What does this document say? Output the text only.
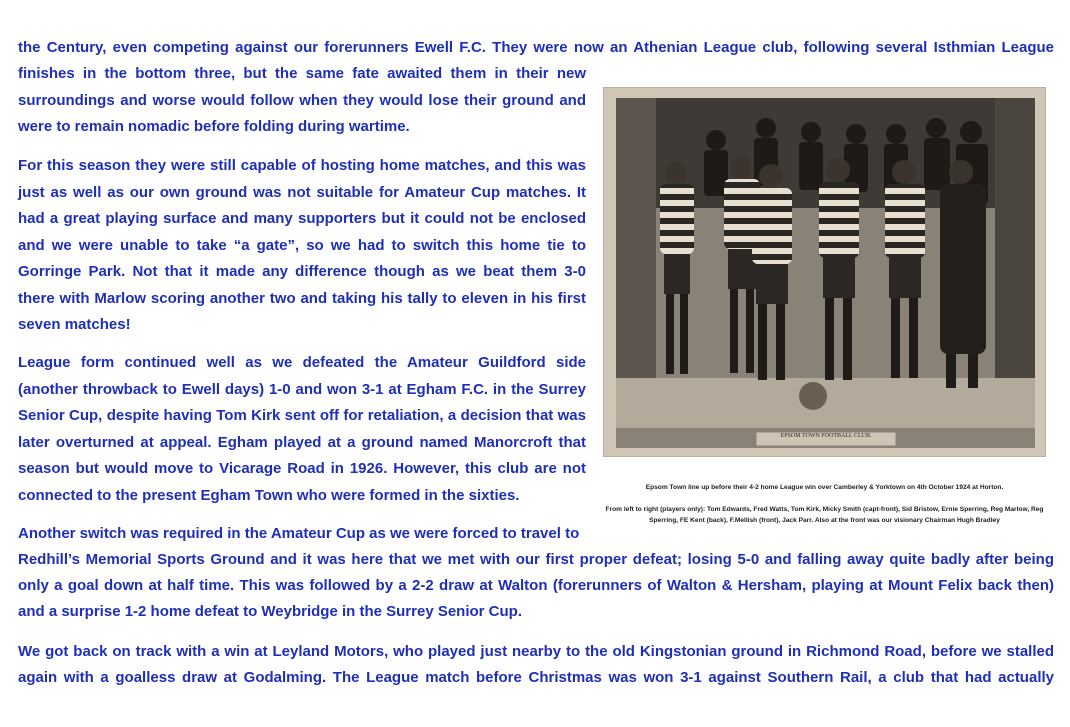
the Century, even competing against our forerunners Ewell F.C. They were now an Athenian League club, following several Isthmian League

finishes in the bottom three, but the same fate awaited them in their new surroundings and worse would follow when they would lose their ground and were to remain nomadic before folding during wartime.

For this season they were still capable of hosting home matches, and this was just as well as our own ground was not suitable for Amateur Cup matches. It had a great playing surface and many supporters but it could not be enclosed and we were unable to take “a gate”, so we had to switch this home tie to Gorringe Park. Not that it made any difference though as we beat them 3-0 there with Marlow scoring another two and taking his tally to eleven in his first seven matches!

League form continued well as we defeated the Amateur Guildford side (another throwback to Ewell days) 1-0 and won 3-1 at Egham F.C. in the Surrey Senior Cup, despite having Tom Kirk sent off for retaliation, a decision that was later overturned at appeal. Egham played at a ground named Manorcroft that season but would move to Vicarage Road in 1926. However, this club are not connected to the present Egham Town who were formed in the sixties.

Another switch was required in the Amateur Cup as we were forced to travel to

Redhill’s Memorial Sports Ground and it was here that we met with our first proper defeat; losing 5-0 and falling away quite badly after being

only a goal down at half time. This was followed by a 2-2 draw at Walton (forerunners of Walton & Hersham, playing at Mount Felix back then)

and a surprise 1-2 home defeat to Weybridge in the Surrey Senior Cup.

We got back on track with a win at Leyland Motors, who played just nearby to the old Kingstonian ground in Richmond Road, before we stalled

again with a goalless draw at Godalming. The League match before Christmas was won 3-1 against Southern Rail, a club that had actually

EPSOM TOWN FOOTBALL CLUB.

Epsom Town line up before their 4-2 home League win over Camberley & Yorktown on 4th October 1924 at Horton.

From left to right (players only): Tom Edwards, Fred Watts, Tom Kirk, Micky Smith (capt-front), Sid Bristow, Ernie Sperring, Reg Marlow, Reg Sperring, FE Kent (back), F.Mellish (front), Jack Parr. Also at the front was our visionary Chairman Hugh Bradley
